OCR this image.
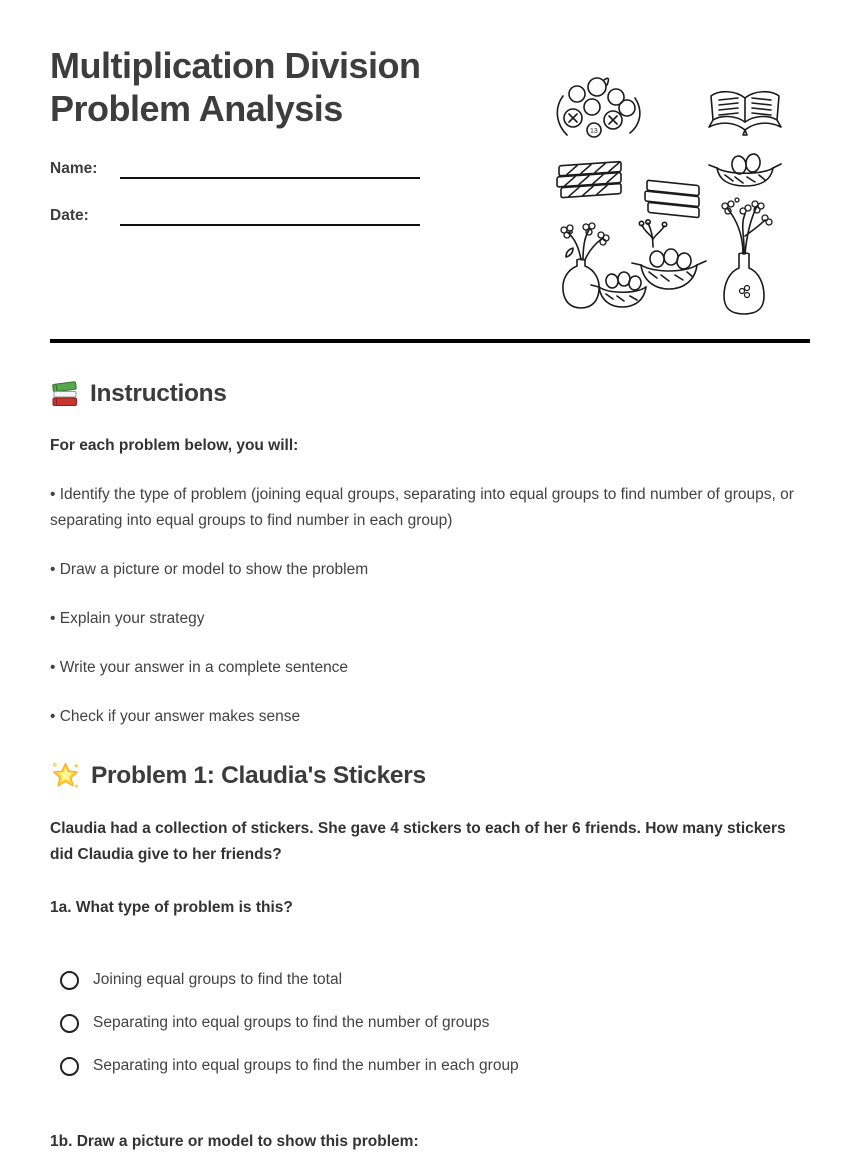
Multiplication Division Problem Analysis
Name:
Date:
13
Instructions

For each problem below, you will:

• Identify the type of problem (joining equal groups, separating into equal groups to find number of groups, or separating into equal groups to find number in each group)

• Draw a picture or model to show the problem

• Explain your strategy

• Write your answer in a complete sentence

• Check if your answer makes sense

Problem 1: Claudia's Stickers

Claudia had a collection of stickers. She gave 4 stickers to each of her 6 friends. How many stickers did Claudia give to her friends?

1a. What type of problem is this?

Joining equal groups to find the total
Separating into equal groups to find the number of groups
Separating into equal groups to find the number in each group

1b. Draw a picture or model to show this problem:
